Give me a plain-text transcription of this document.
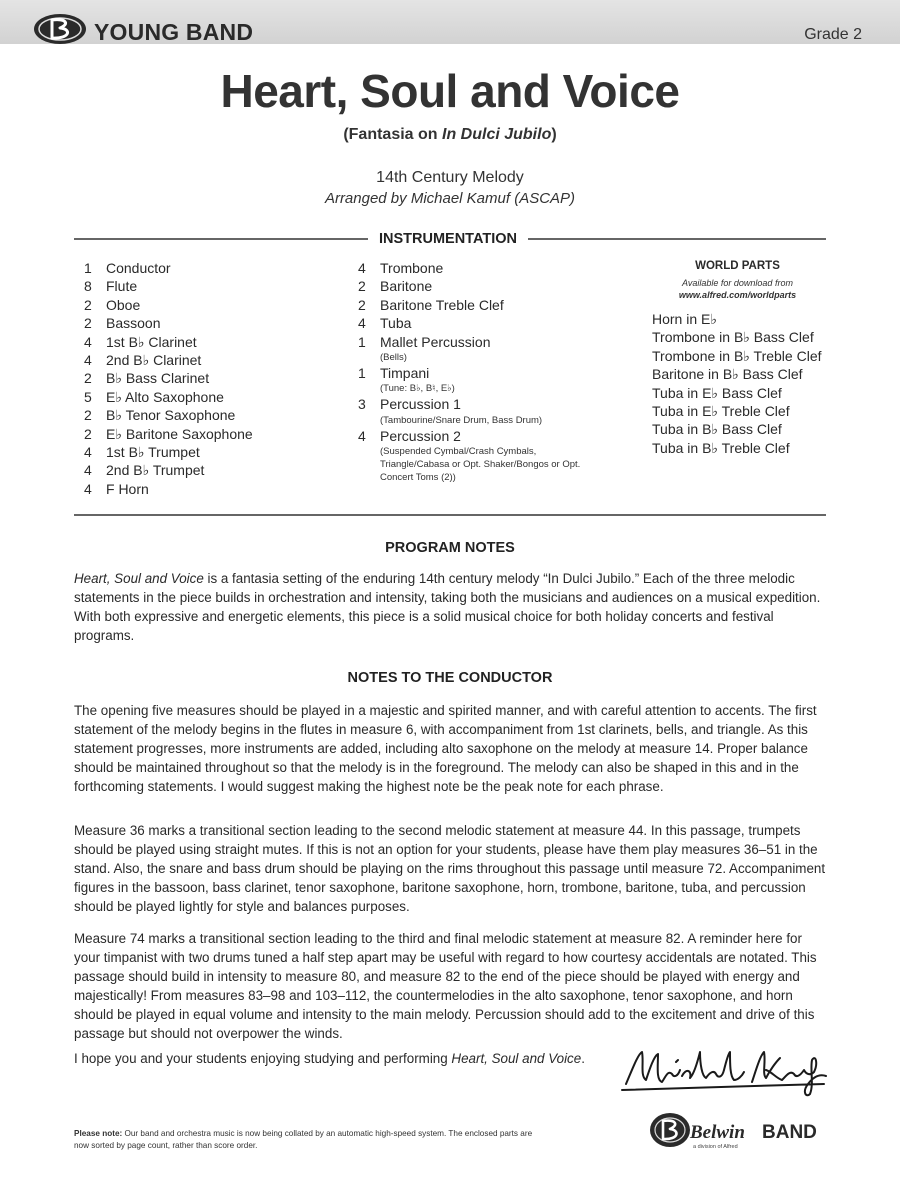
YOUNG BAND	Grade 2
Heart, Soul and Voice
(Fantasia on In Dulci Jubilo)
14th Century Melody
Arranged by Michael Kamuf (ASCAP)
INSTRUMENTATION
1 Conductor
8 Flute
2 Oboe
2 Bassoon
4 1st B♭ Clarinet
4 2nd B♭ Clarinet
2 B♭ Bass Clarinet
5 E♭ Alto Saxophone
2 B♭ Tenor Saxophone
2 E♭ Baritone Saxophone
4 1st B♭ Trumpet
4 2nd B♭ Trumpet
4 F Horn
4 Trombone
2 Baritone
2 Baritone Treble Clef
4 Tuba
1 Mallet Percussion
(Bells)
1 Timpani
(Tune: B♭, B♮, E♭)
3 Percussion 1
(Tambourine/Snare Drum, Bass Drum)
4 Percussion 2
(Suspended Cymbal/Crash Cymbals, Triangle/Cabasa or Opt. Shaker/Bongos or Opt. Concert Toms (2))
WORLD PARTS
Available for download from
www.alfred.com/worldparts
Horn in E♭
Trombone in B♭ Bass Clef
Trombone in B♭ Treble Clef
Baritone in B♭ Bass Clef
Tuba in E♭ Bass Clef
Tuba in E♭ Treble Clef
Tuba in B♭ Bass Clef
Tuba in B♭ Treble Clef
PROGRAM NOTES

Heart, Soul and Voice is a fantasia setting of the enduring 14th century melody “In Dulci Jubilo.” Each of the three melodic statements in the piece builds in orchestration and intensity, taking both the musicians and audiences on a musical expedition. With both expressive and energetic elements, this piece is a solid musical choice for both holiday concerts and festival programs.

NOTES TO THE CONDUCTOR

The opening five measures should be played in a majestic and spirited manner, and with careful attention to accents. The first statement of the melody begins in the flutes in measure 6, with accompaniment from 1st clarinets, bells, and triangle. As this statement progresses, more instruments are added, including alto saxophone on the melody at measure 14. Proper balance should be maintained throughout so that the melody is in the foreground. The melody can also be shaped in this and in the forthcoming statements. I would suggest making the highest note be the peak note for each phrase.

Measure 36 marks a transitional section leading to the second melodic statement at measure 44. In this passage, trumpets should be played using straight mutes. If this is not an option for your students, please have them play measures 36–51 in the stand. Also, the snare and bass drum should be playing on the rims throughout this passage until measure 72. Accompaniment figures in the bassoon, bass clarinet, tenor saxophone, baritone saxophone, horn, trombone, baritone, tuba, and percussion should be played lightly for style and balances purposes.

Measure 74 marks a transitional section leading to the third and final melodic statement at measure 82. A reminder here for your timpanist with two drums tuned a half step apart may be useful with regard to how courtesy accidentals are notated. This passage should build in intensity to measure 80, and measure 82 to the end of the piece should be played with energy and majestically! From measures 83–98 and 103–112, the countermelodies in the alto saxophone, tenor saxophone, and horn should be played in equal volume and intensity to the main melody. Percussion should add to the excitement and drive of this passage but should not overpower the winds.

I hope you and your students enjoying studying and performing Heart, Soul and Voice.

Please note: Our band and orchestra music is now being collated by an automatic high-speed system. The enclosed parts are now sorted by page count, rather than score order.
Belwin BAND
a division of Alfred
